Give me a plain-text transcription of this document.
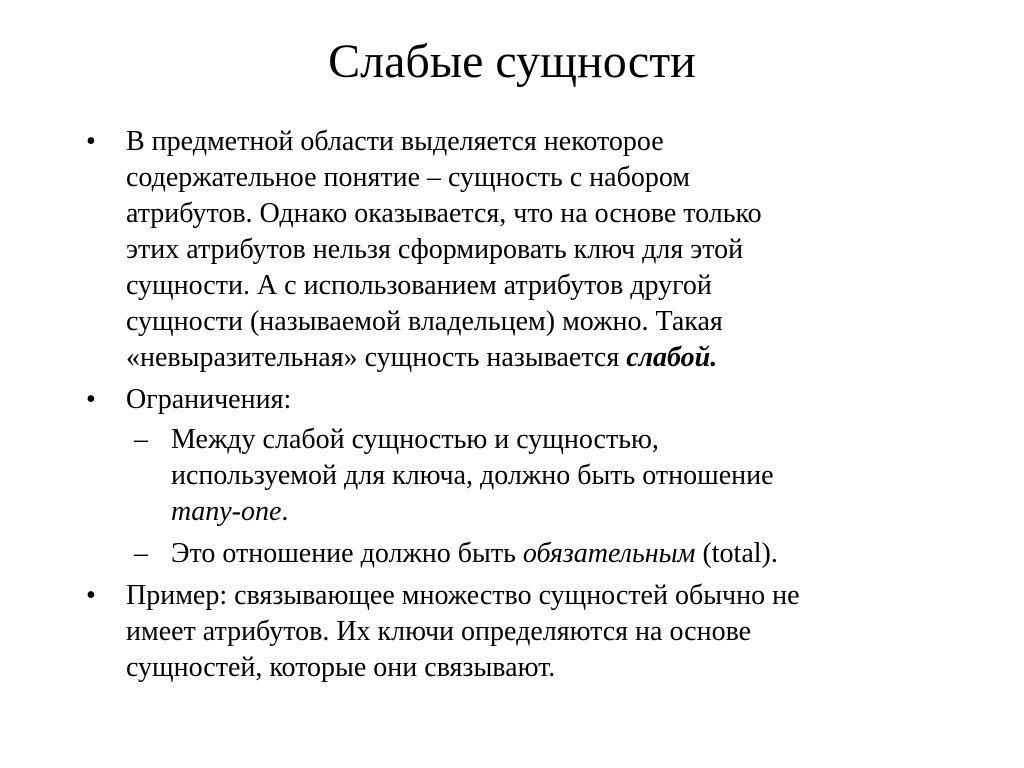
Слабые сущности
• В предметной области выделяется некоторое
содержательное понятие – сущность с набором
атрибутов. Однако оказывается, что на основе только
этих атрибутов нельзя сформировать ключ для этой
сущности. А с использованием атрибутов другой
сущности (называемой владельцем) можно. Такая
«невыразительная» сущность называется слабой.
• Ограничения:
– Между слабой сущностью и сущностью,
используемой для ключа, должно быть отношение
many-one.
– Это отношение должно быть обязательным (total).
• Пример: связывающее множество сущностей обычно не
имеет атрибутов. Их ключи определяются на основе
сущностей, которые они связывают.
